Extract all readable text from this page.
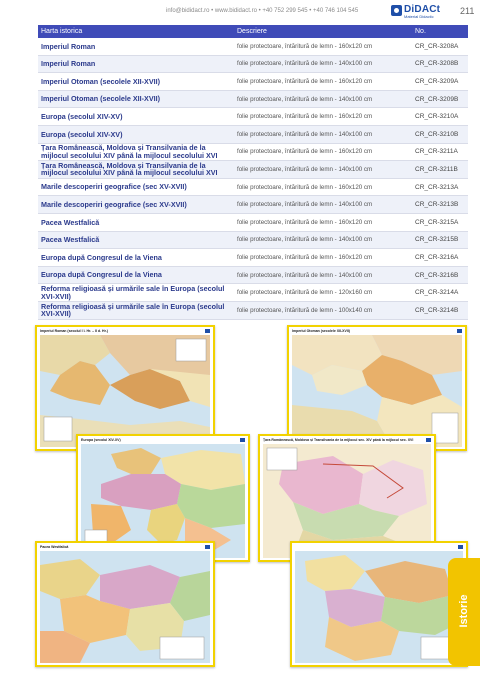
info@bididact.ro • www.bididact.ro • +40 752 299 545 • +40 746 104 545	DiDACt
Material Didactic
211
Harta istorica	Descriere	No.
Imperiul Roman	folie protectoare, întăritură de lemn - 160x120 cm	CR_CR-3208A
Imperiul Roman	folie protectoare, întăritură de lemn - 140x100 cm	CR_CR-3208B
Imperiul Otoman (secolele XII-XVII)	folie protectoare, întăritură de lemn - 160x120 cm	CR_CR-3209A
Imperiul Otoman (secolele XII-XVII)	folie protectoare, întăritură de lemn - 140x100 cm	CR_CR-3209B
Europa (secolul XIV-XV)	folie protectoare, întăritură de lemn - 160x120 cm	CR_CR-3210A
Europa (secolul XIV-XV)	folie protectoare, întăritură de lemn - 140x100 cm	CR_CR-3210B
Țara Românească, Moldova și Transilvania de la mijlocul secolului XIV până la mijlocul secolului XVI	folie protectoare, întăritură de lemn - 160x120 cm	CR_CR-3211A
Țara Românească, Moldova și Transilvania de la mijlocul secolului XIV până la mijlocul secolului XVI	folie protectoare, întăritură de lemn - 140x100 cm	CR_CR-3211B
Marile descoperiri geografice (sec XV-XVII)	folie protectoare, întăritură de lemn - 160x120 cm	CR_CR-3213A
Marile descoperiri geografice (sec XV-XVII)	folie protectoare, întăritură de lemn - 140x100 cm	CR_CR-3213B
Pacea Westfalică	folie protectoare, întăritură de lemn - 160x120 cm	CR_CR-3215A
Pacea Westfalică	folie protectoare, întăritură de lemn - 140x100 cm	CR_CR-3215B
Europa după Congresul de la Viena	folie protectoare, întăritură de lemn - 160x120 cm	CR_CR-3216A
Europa după Congresul de la Viena	folie protectoare, întăritură de lemn - 140x100 cm	CR_CR-3216B
Reforma religioasă și urmările sale în Europa (secolul XVI-XVII)	folie protectoare, întăritură de lemn - 120x160 cm	CR_CR-3214A
Reforma religioasă și urmările sale în Europa (secolul XVI-XVII)	folie protectoare, întăritură de lemn - 100x140 cm	CR_CR-3214B
Imperiul Roman (secolul I î. Hr. – II d. Hr.)	Imperiul Otoman (secolele XII-XVII)
Europa (secolul XIV-XV)	Țara Românească, Moldova și Transilvania de la mijlocul sec. XIV până la mijlocul sec. XVI
Pacea Westfalică
Istorie
